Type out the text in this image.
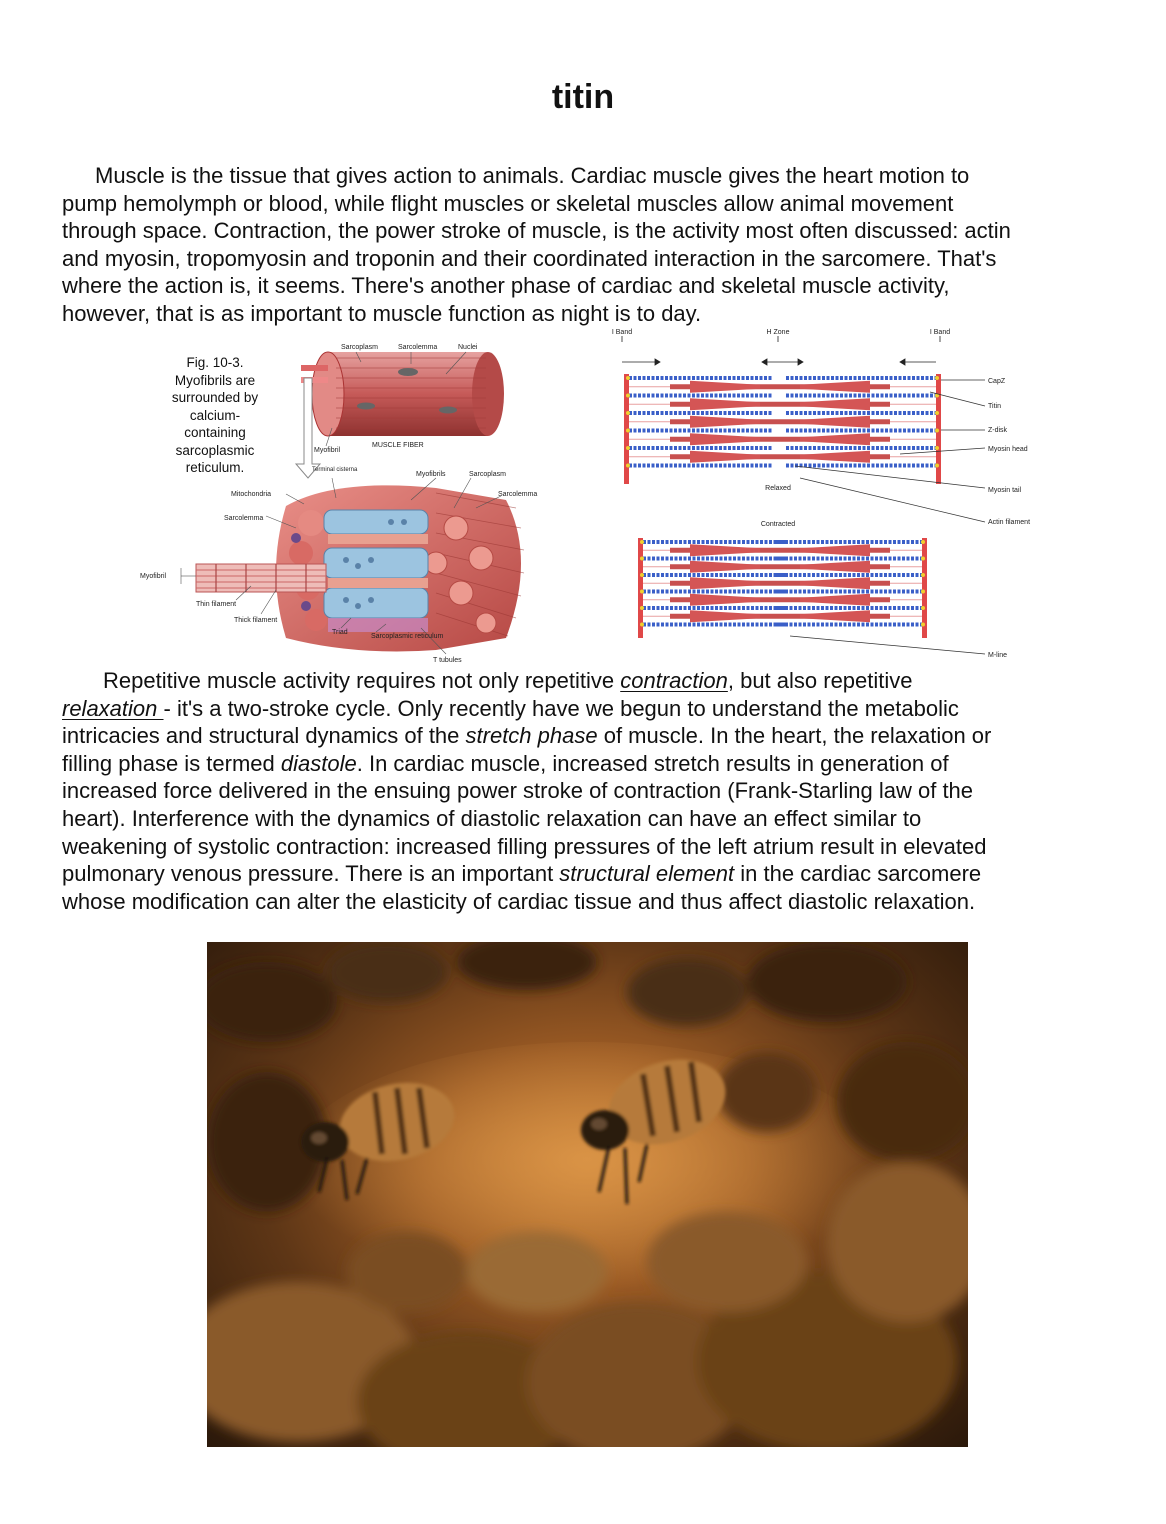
titin
Muscle is the tissue that gives action to animals. Cardiac muscle gives the heart motion to
pump hemolymph or blood, while flight muscles or skeletal muscles allow animal movement
through space. Contraction, the power stroke of muscle, is the activity most often discussed: actin
and myosin, tropomyosin and troponin and their coordinated interaction in the sarcomere. That's
where the action is, it seems. There's another phase of cardiac and skeletal muscle activity,
however, that is as important to muscle function as night is to day.
Fig. 10-3.
Myofibrils are
surrounded by
calcium-
containing
sarcoplasmic
reticulum.
Sarcoplasm	Sarcolemma	Nuclei
Myofibril
MUSCLE FIBER
Terminal cisterna
Myofibrils	Sarcoplasm
Mitochondria	Sarcolemma
Sarcolemma
Myofibril
Thin filament
Thick filament
Triad
Sarcoplasmic reticulum
T tubules
I Band	H Zone	I Band
CapZ
Titin
Z-disk
Myosin head
Relaxed	Myosin tail
Contracted	Actin filament
M-line
Repetitive muscle activity requires not only repetitive contraction, but also repetitive
relaxation - it's a two-stroke cycle. Only recently have we begun to understand the metabolic
intricacies and structural dynamics of the stretch phase of muscle. In the heart, the relaxation or
filling phase is termed diastole. In cardiac muscle, increased stretch results in generation of
increased force delivered in the ensuing power stroke of contraction (Frank-Starling law of the
heart). Interference with the dynamics of diastolic relaxation can have an effect similar to
weakening of systolic contraction: increased filling pressures of the left atrium result in elevated
pulmonary venous pressure. There is an important structural element in the cardiac sarcomere
whose modification can alter the elasticity of cardiac tissue and thus affect diastolic relaxation.
